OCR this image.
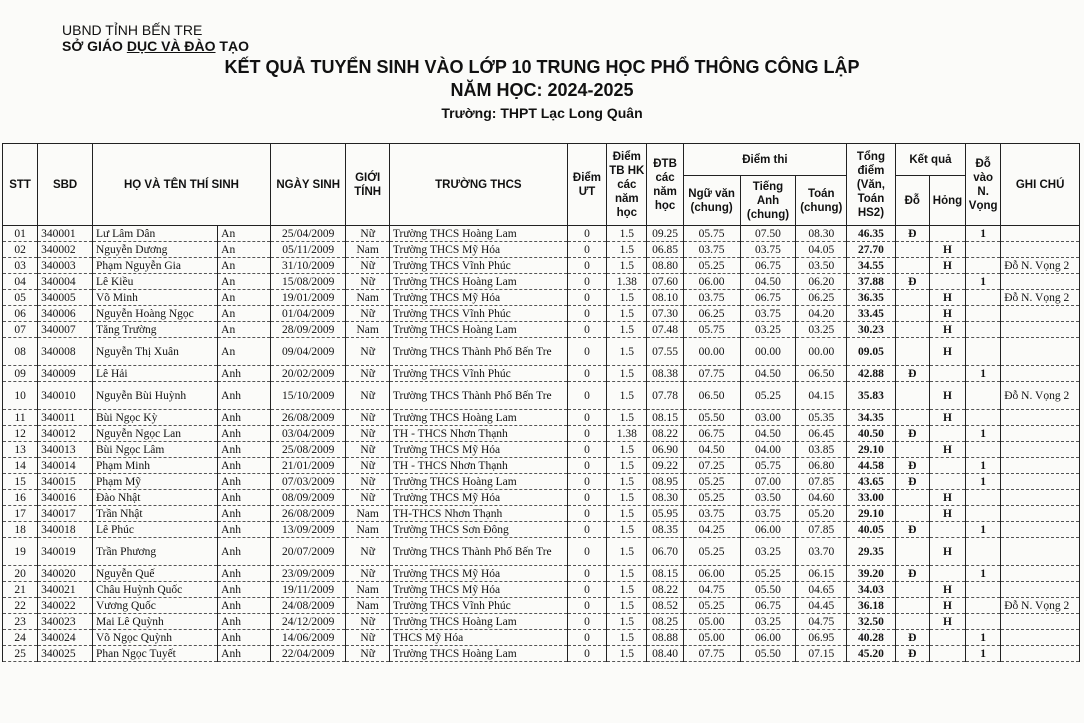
UBND TỈNH BẾN TRE
SỞ GIÁO DỤC VÀ ĐÀO TẠO
KẾT QUẢ TUYỂN SINH VÀO LỚP 10 TRUNG HỌC PHỔ THÔNG CÔNG LẬP
NĂM HỌC: 2024-2025
Trường: THPT Lạc Long Quân
STT	SBD	HỌ VÀ TÊN THÍ SINH		NGÀY SINH	GIỚI TÍNH	TRƯỜNG THCS	Điểm ƯT	Điểm TB HK các năm học	ĐTB các năm học	Điểm thi			Tổng điểm (Văn, Toán HS2)	Kết quả		Đỗ vào N. Vọng	GHI CHÚ
										Ngữ văn (chung)	Tiếng Anh (chung)	Toán (chung)		Đỗ	Hỏng		
01	340001	Lư Lâm Dân	An	25/04/2009	Nữ	Trường THCS Hoàng Lam	0	1.5	09.25	05.75	07.50	08.30	46.35	Đ		1	
02	340002	Nguyễn Dương	An	05/11/2009	Nam	Trường THCS Mỹ Hóa	0	1.5	06.85	03.75	03.75	04.05	27.70		H		
03	340003	Phạm Nguyễn Gia	An	31/10/2009	Nữ	Trường THCS Vĩnh Phúc	0	1.5	08.80	05.25	06.75	03.50	34.55		H		Đỗ N. Vọng 2
04	340004	Lê Kiều	An	15/08/2009	Nữ	Trường THCS Hoàng Lam	0	1.38	07.60	06.00	04.50	06.20	37.88	Đ		1	
05	340005	Võ Minh	An	19/01/2009	Nam	Trường THCS Mỹ Hóa	0	1.5	08.10	03.75	06.75	06.25	36.35		H		Đỗ N. Vọng 2
06	340006	Nguyễn Hoàng Ngọc	An	01/04/2009	Nữ	Trường THCS Vĩnh Phúc	0	1.5	07.30	06.25	03.75	04.20	33.45		H		
07	340007	Tăng Trường	An	28/09/2009	Nam	Trường THCS Hoàng Lam	0	1.5	07.48	05.75	03.25	03.25	30.23		H		
08	340008	Nguyễn Thị Xuân	An	09/04/2009	Nữ	Trường THCS Thành Phố Bến Tre	0	1.5	07.55	00.00	00.00	00.00	09.05		H		
09	340009	Lê Hải	Anh	20/02/2009	Nữ	Trường THCS Vĩnh Phúc	0	1.5	08.38	07.75	04.50	06.50	42.88	Đ		1	
10	340010	Nguyễn Bùi Huỳnh	Anh	15/10/2009	Nữ	Trường THCS Thành Phố Bến Tre	0	1.5	07.78	06.50	05.25	04.15	35.83		H		Đỗ N. Vọng 2
11	340011	Bùi Ngọc Kỳ	Anh	26/08/2009	Nữ	Trường THCS Hoàng Lam	0	1.5	08.15	05.50	03.00	05.35	34.35		H		
12	340012	Nguyễn Ngọc Lan	Anh	03/04/2009	Nữ	TH - THCS Nhơn Thạnh	0	1.38	08.22	06.75	04.50	06.45	40.50	Đ		1	
13	340013	Bùi Ngọc Lâm	Anh	25/08/2009	Nữ	Trường THCS Mỹ Hóa	0	1.5	06.90	04.50	04.00	03.85	29.10		H		
14	340014	Phạm Minh	Anh	21/01/2009	Nữ	TH - THCS Nhơn Thạnh	0	1.5	09.22	07.25	05.75	06.80	44.58	Đ		1	
15	340015	Phạm Mỹ	Anh	07/03/2009	Nữ	Trường THCS Hoàng Lam	0	1.5	08.95	05.25	07.00	07.85	43.65	Đ		1	
16	340016	Đào Nhật	Anh	08/09/2009	Nữ	Trường THCS Mỹ Hóa	0	1.5	08.30	05.25	03.50	04.60	33.00		H		
17	340017	Trần Nhật	Anh	26/08/2009	Nam	TH-THCS Nhơn Thạnh	0	1.5	05.95	03.75	03.75	05.20	29.10		H		
18	340018	Lê Phúc	Anh	13/09/2009	Nam	Trường THCS Sơn Đông	0	1.5	08.35	04.25	06.00	07.85	40.05	Đ		1	
19	340019	Trần Phương	Anh	20/07/2009	Nữ	Trường THCS Thành Phố Bến Tre	0	1.5	06.70	05.25	03.25	03.70	29.35		H		
20	340020	Nguyễn Quế	Anh	23/09/2009	Nữ	Trường THCS Mỹ Hóa	0	1.5	08.15	06.00	05.25	06.15	39.20	Đ		1	
21	340021	Châu Huỳnh Quốc	Anh	19/11/2009	Nam	Trường THCS Mỹ Hóa	0	1.5	08.22	04.75	05.50	04.65	34.03		H		
22	340022	Vương Quốc	Anh	24/08/2009	Nam	Trường THCS Vĩnh Phúc	0	1.5	08.52	05.25	06.75	04.45	36.18		H		Đỗ N. Vọng 2
23	340023	Mai Lê Quỳnh	Anh	24/12/2009	Nữ	Trường THCS Hoàng Lam	0	1.5	08.25	05.00	03.25	04.75	32.50		H		
24	340024	Võ Ngọc Quỳnh	Anh	14/06/2009	Nữ	THCS Mỹ Hóa	0	1.5	08.88	05.00	06.00	06.95	40.28	Đ		1	
25	340025	Phan Ngọc Tuyết	Anh	22/04/2009	Nữ	Trường THCS Hoàng Lam	0	1.5	08.40	07.75	05.50	07.15	45.20	Đ		1	
